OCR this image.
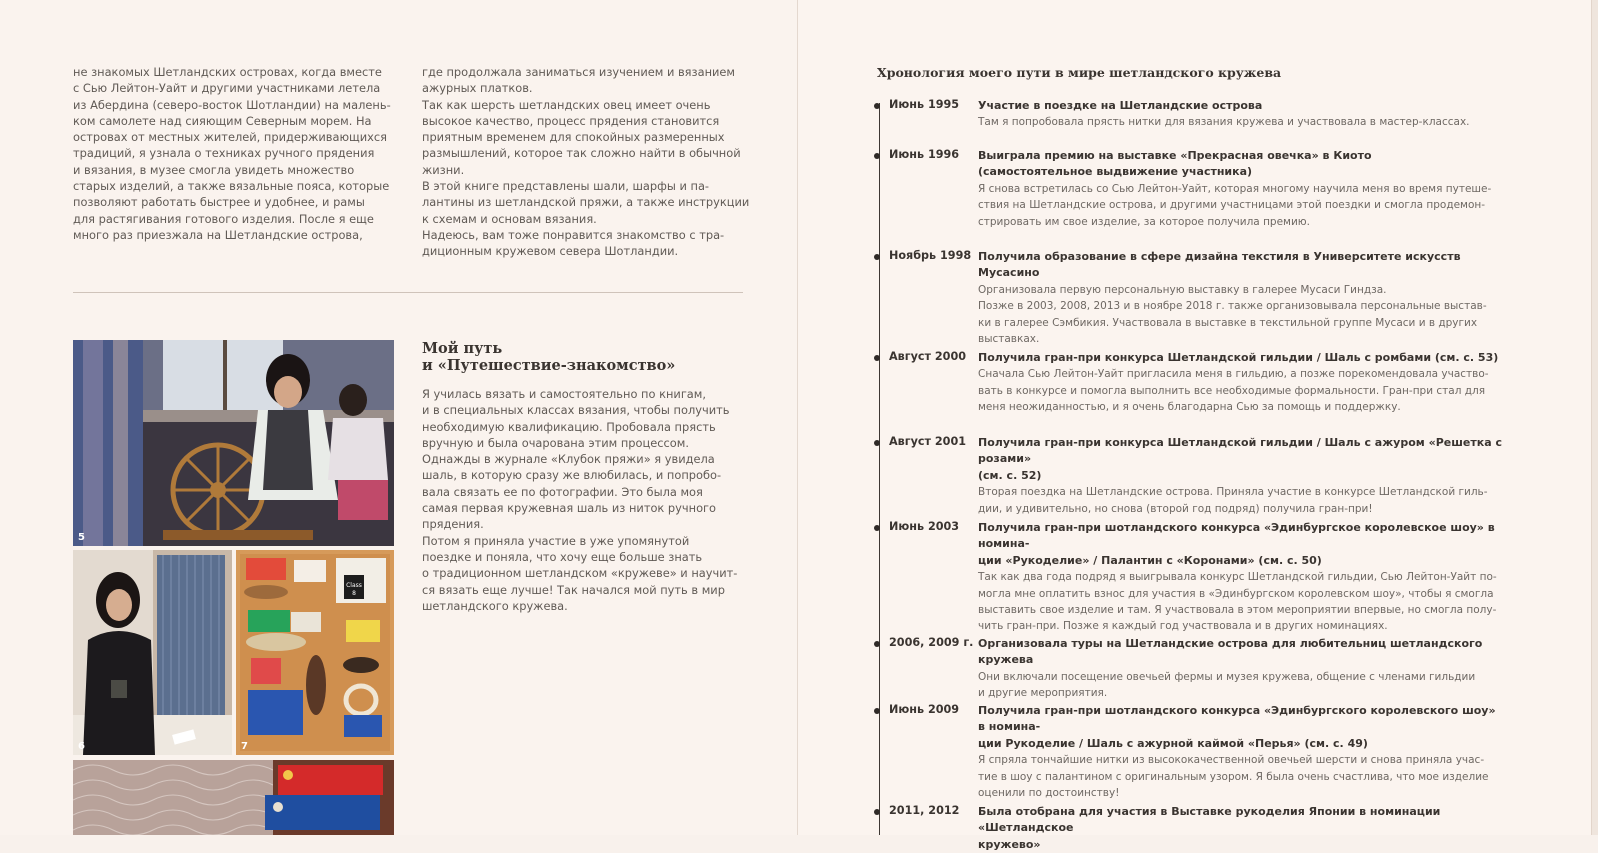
не знакомых Шетландских островах, когда вместе
с Сью Лейтон-Уайт и другими участниками летела
из Абердина (северо-восток Шотландии) на малень-
ком самолете над сияющим Северным морем. На
островах от местных жителей, придерживающихся
традиций, я узнала о техниках ручного прядения
и вязания, в музее смогла увидеть множество
старых изделий, а также вязальные пояса, которые
позволяют работать быстрее и удобнее, и рамы
для растягивания готового изделия. После я еще
много раз приезжала на Шетландские острова,
где продолжала заниматься изучением и вязанием
ажурных платков.
Так как шерсть шетландских овец имеет очень
высокое качество, процесс прядения становится
приятным временем для спокойных размеренных
размышлений, которое так сложно найти в обычной
жизни.
В этой книге представлены шали, шарфы и па-
лантины из шетландской пряжи, а также инструкции
к схемам и основам вязания.
Надеюсь, вам тоже понравится знакомство с тра-
диционным кружевом севера Шотландии.
5
6
Class
8
7
Мой путь
и «Путешествие-знакомство»
Я училась вязать и самостоятельно по книгам,
и в специальных классах вязания, чтобы получить
необходимую квалификацию. Пробовала прясть
вручную и была очарована этим процессом.
Однажды в журнале «Клубок пряжи» я увидела
шаль, в которую сразу же влюбилась, и попробо-
вала связать ее по фотографии. Это была моя
самая первая кружевная шаль из ниток ручного
прядения.
Потом я приняла участие в уже упомянутой
поездке и поняла, что хочу еще больше знать
о традиционном шетландском «кружеве» и научит-
ся вязать еще лучше! Так начался мой путь в мир
шетландского кружева.
Хронология моего пути в мире шетландского кружева
Июнь 1995 Участие в поездке на Шетландские острова
Там я попробовала прясть нитки для вязания кружева и участвовала в мастер-классах.
Июнь 1996 Выиграла премию на выставке «Прекрасная овечка» в Киото
(самостоятельное выдвижение участника)
Я снова встретилась со Сью Лейтон-Уайт, которая многому научила меня во время путеше-
ствия на Шетландские острова, и другими участницами этой поездки и смогла продемон-
стрировать им свое изделие, за которое получила премию.
Ноябрь 1998 Получила образование в сфере дизайна текстиля в Университете искусств Мусасино
Организовала первую персональную выставку в галерее Мусаси Гиндза.
Позже в 2003, 2008, 2013 и в ноябре 2018 г. также организовывала персональные выстав-
ки в галерее Сэмбикия. Участвовала в выставке в текстильной группе Мусаси и в других
выставках.
Август 2000 Получила гран-при конкурса Шетландской гильдии / Шаль с ромбами (см. с. 53)
Сначала Сью Лейтон-Уайт пригласила меня в гильдию, а позже порекомендовала участво-
вать в конкурсе и помогла выполнить все необходимые формальности. Гран-при стал для
меня неожиданностью, и я очень благодарна Сью за помощь и поддержку.
Август 2001 Получила гран-при конкурса Шетландской гильдии / Шаль с ажуром «Решетка с розами»
(см. с. 52)
Вторая поездка на Шетландские острова. Приняла участие в конкурсе Шетландской гиль-
дии, и удивительно, но снова (второй год подряд) получила гран-при!
Июнь 2003 Получила гран-при шотландского конкурса «Эдинбургское королевское шоу» в номина-
ции «Рукоделие» / Палантин с «Коронами» (см. с. 50)
Так как два года подряд я выигрывала конкурс Шетландской гильдии, Сью Лейтон-Уайт по-
могла мне оплатить взнос для участия в «Эдинбургском королевском шоу», чтобы я смогла
выставить свое изделие и там. Я участвовала в этом мероприятии впервые, но смогла полу-
чить гран-при. Позже я каждый год участвовала и в других номинациях.
2006, 2009 г. Организовала туры на Шетландские острова для любительниц шетландского кружева
Они включали посещение овечьей фермы и музея кружева, общение с членами гильдии
и другие мероприятия.
Июнь 2009 Получила гран-при шотландского конкурса «Эдинбургского королевского шоу» в номина-
ции Рукоделие / Шаль с ажурной каймой «Перья» (см. с. 49)
Я спряла тончайшие нитки из высококачественной овечьей шерсти и снова приняла учас-
тие в шоу с палантином с оригинальным узором. Я была очень счастлива, что мое изделие
оценили по достоинству!
2011, 2012 Была отобрана для участия в Выставке рукоделия Японии в номинации «Шетландское
кружево»
